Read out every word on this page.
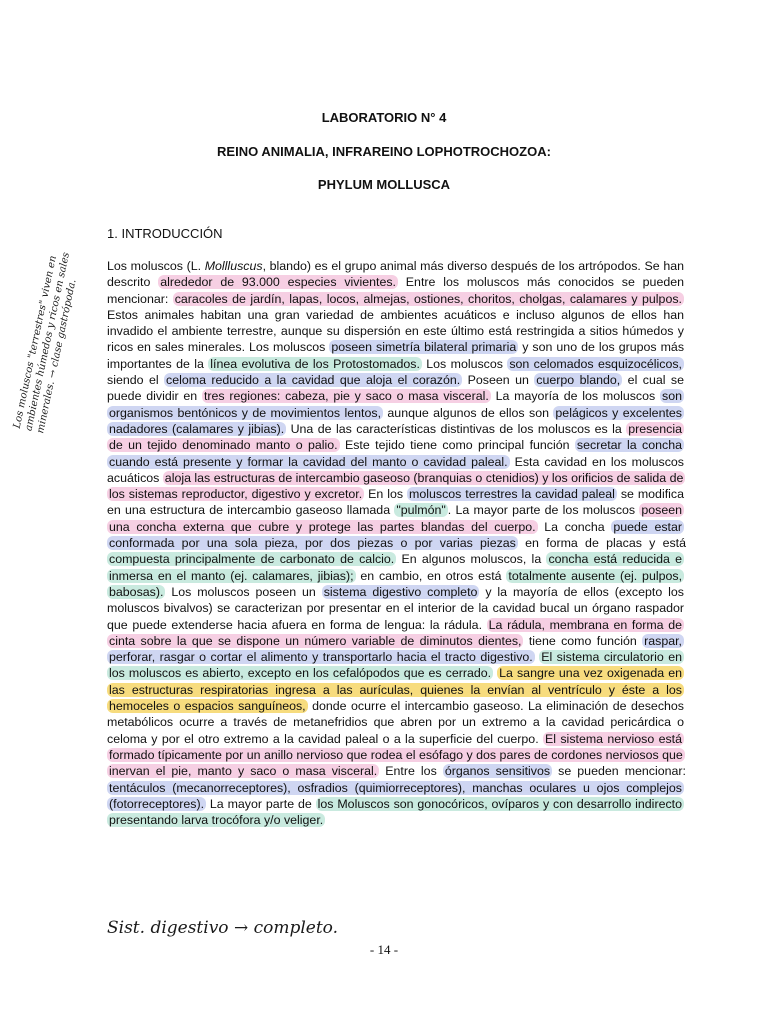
LABORATORIO N° 4
REINO ANIMALIA, INFRAREINO LOPHOTROCHOZOA:
PHYLUM MOLLUSCA

1. INTRODUCCIÓN

Los moluscos "terrestres" viven en ambientes húmedos y ricos en sales minerales. → clase gastrópoda.

Los moluscos (L. Mollluscus, blando) es el grupo animal más diverso después de los artrópodos. Se han descrito alrededor de 93.000 especies vivientes. Entre los moluscos más conocidos se pueden mencionar: caracoles de jardín, lapas, locos, almejas, ostiones, choritos, cholgas, calamares y pulpos. Estos animales habitan una gran variedad de ambientes acuáticos e incluso algunos de ellos han invadido el ambiente terrestre, aunque su dispersión en este último está restringida a sitios húmedos y ricos en sales minerales. Los moluscos poseen simetría bilateral primaria y son uno de los grupos más importantes de la línea evolutiva de los Protostomados. Los moluscos son celomados esquizocélicos, siendo el celoma reducido a la cavidad que aloja el corazón. Poseen un cuerpo blando, el cual se puede dividir en tres regiones: cabeza, pie y saco o masa visceral. La mayoría de los moluscos son organismos bentónicos y de movimientos lentos, aunque algunos de ellos son pelágicos y excelentes nadadores (calamares y jibias). Una de las características distintivas de los moluscos es la presencia de un tejido denominado manto o palio. Este tejido tiene como principal función secretar la concha cuando está presente y formar la cavidad del manto o cavidad paleal. Esta cavidad en los moluscos acuáticos aloja las estructuras de intercambio gaseoso (branquias o ctenidios) y los orificios de salida de los sistemas reproductor, digestivo y excretor. En los moluscos terrestres la cavidad paleal se modifica en una estructura de intercambio gaseoso llamada "pulmón" . La mayor parte de los moluscos poseen una concha externa que cubre y protege las partes blandas del cuerpo. La concha puede estar conformada por una sola pieza, por dos piezas o por varias piezas en forma de placas y está compuesta principalmente de carbonato de calcio. En algunos moluscos, la concha está reducida e inmersa en el manto (ej. calamares, jibias); en cambio, en otros está totalmente ausente (ej. pulpos, babosas). Los moluscos poseen un sistema digestivo completo y la mayoría de ellos (excepto los moluscos bivalvos) se caracterizan por presentar en el interior de la cavidad bucal un órgano raspador que puede extenderse hacia afuera en forma de lengua: la rádula. La rádula, membrana en forma de cinta sobre la que se dispone un número variable de diminutos dientes, tiene como función raspar, perforar, rasgar o cortar el alimento y transportarlo hacia el tracto digestivo. El sistema circulatorio en los moluscos es abierto, excepto en los cefalópodos que es cerrado. La sangre una vez oxigenada en las estructuras respiratorias ingresa a las aurículas, quienes la envían al ventrículo y éste a los hemoceles o espacios sanguíneos, donde ocurre el intercambio gaseoso. La eliminación de desechos metabólicos ocurre a través de metanefridios que abren por un extremo a la cavidad pericárdica o celoma y por el otro extremo a la cavidad paleal o a la superficie del cuerpo. El sistema nervioso está formado típicamente por un anillo nervioso que rodea el esófago y dos pares de cordones nerviosos que inervan el pie, manto y saco o masa visceral. Entre los órganos sensitivos se pueden mencionar: tentáculos (mecanorreceptores), osfradios (quimiorreceptores), manchas oculares u ojos complejos (fotorreceptores). La mayor parte de los Moluscos son gonocóricos, ovíparos y con desarrollo indirecto presentando larva trocófora y/o veliger.

Sist. digestivo → completo.

- 14 -
